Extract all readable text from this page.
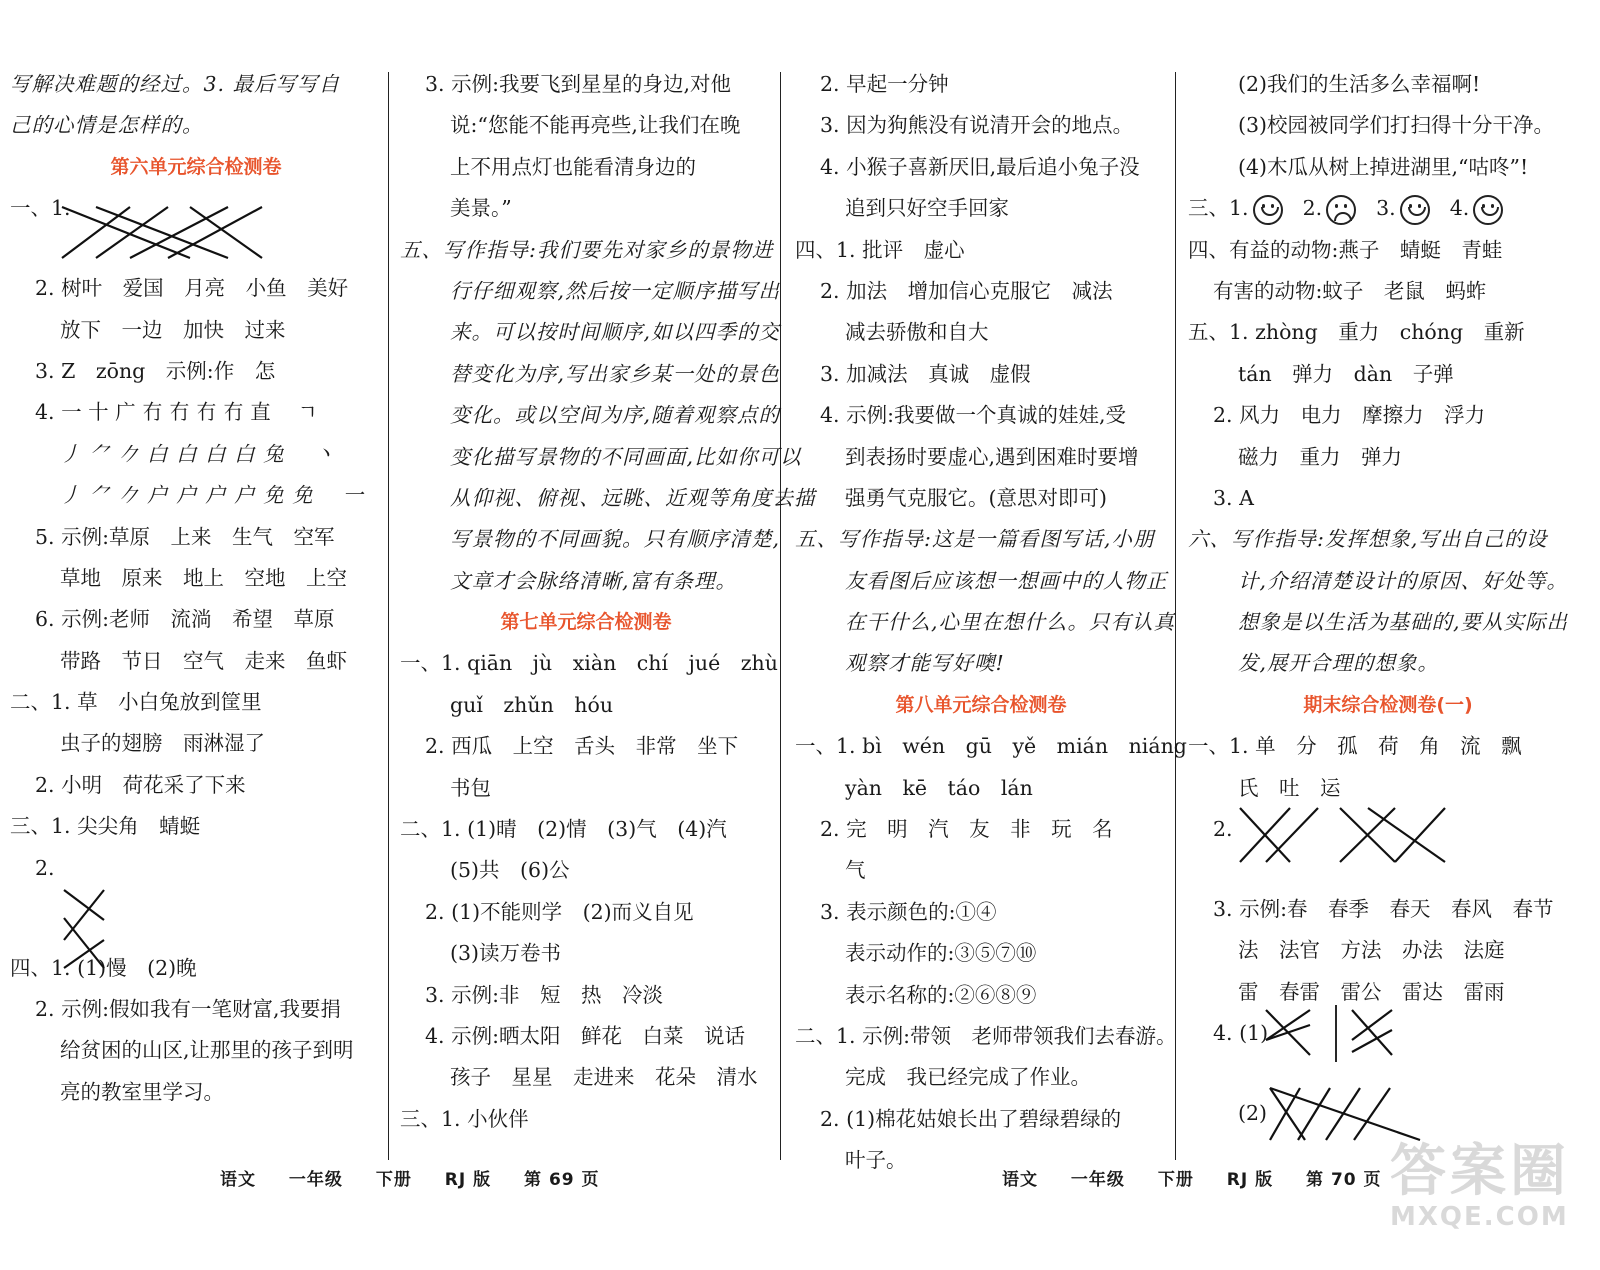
写解决难题的经过。3. 最后写写自
己的心情是怎样的。
第六单元综合检测卷
一、1.
2. 树叶　爱国　月亮　小鱼　美好
放下　一边　加快　过来
3. Z　zōng　示例:作　怎
4. 一 十 广 冇 冇 冇 冇 直　 ㄱ
丿 ⺈ 𠂊 白 白 白 白 兔　 丶
丿 ⺈ 𠂊 户 户 户 户 免 免　 一
5. 示例:草原　上来　生气　空军
草地　原来　地上　空地　上空
6. 示例:老师　流淌　希望　草原
带路　节日　空气　走来　鱼虾
二、1. 草　小白兔放到筐里
虫子的翅膀　雨淋湿了
2. 小明　荷花采了下来
三、1. 尖尖角　蜻蜓
2.
四、1. (1)慢　(2)晚
2. 示例:假如我有一笔财富,我要捐
给贫困的山区,让那里的孩子到明
亮的教室里学习。
3. 示例:我要飞到星星的身边,对他
说:“您能不能再亮些,让我们在晚
上不用点灯也能看清身边的
美景。”
五、写作指导:我们要先对家乡的景物进
行仔细观察,然后按一定顺序描写出
来。可以按时间顺序,如以四季的交
替变化为序,写出家乡某一处的景色
变化。或以空间为序,随着观察点的
变化描写景物的不同画面,比如你可以
从仰视、俯视、远眺、近观等角度去描
写景物的不同画貌。只有顺序清楚,
文章才会脉络清晰,富有条理。
第七单元综合检测卷
一、1. qiān　jù　xiàn　chí　jué　zhù
guǐ　zhǔn　hóu
2. 西瓜　上空　舌头　非常　坐下
书包
二、1. (1)晴　(2)情　(3)气　(4)汽
(5)共　(6)公
2. (1)不能则学　(2)而义自见
(3)读万卷书
3. 示例:非　短　热　冷淡
4. 示例:晒太阳　鲜花　白菜　说话
孩子　星星　走进来　花朵　清水
三、1. 小伙伴
2. 早起一分钟
3. 因为狗熊没有说清开会的地点。
4. 小猴子喜新厌旧,最后追小兔子没
追到只好空手回家
四、1. 批评　虚心
2. 加法　增加信心克服它　减法
减去骄傲和自大
3. 加减法　真诚　虚假
4. 示例:我要做一个真诚的娃娃,受
到表扬时要虚心,遇到困难时要增
强勇气克服它。(意思对即可)
五、写作指导:这是一篇看图写话,小朋
友看图后应该想一想画中的人物正
在干什么,心里在想什么。只有认真
观察才能写好噢!
第八单元综合检测卷
一、1. bì　wén　gū　yě　mián　niáng
yàn　kē　táo　lán
2. 完　明　汽　友　非　玩　名
气
3. 表示颜色的:①④
表示动作的:③⑤⑦⑩
表示名称的:②⑥⑧⑨
二、1. 示例:带领　老师带领我们去春游。
完成　我已经完成了作业。
2. (1)棉花姑娘长出了碧绿碧绿的
叶子。
(2)我们的生活多么幸福啊!
(3)校园被同学们打扫得十分干净。
(4)木瓜从树上掉进湖里,“咕咚”!
三、1.	2.	3.	4.
四、有益的动物:燕子　蜻蜓　青蛙
有害的动物:蚊子　老鼠　蚂蚱
五、1. zhòng　重力　chóng　重新
tán　弹力　dàn　子弹
2. 风力　电力　摩擦力　浮力
磁力　重力　弹力
3. A
六、写作指导:发挥想象,写出自己的设
计,介绍清楚设计的原因、好处等。
想象是以生活为基础的,要从实际出
发,展开合理的想象。
期末综合检测卷(一)
一、1. 单　分　孤　荷　角　流　飘
氏　吐　运
2.
3. 示例:春　春季　春天　春风　春节
法　法官　方法　办法　法庭
雷　春雷　雷公　雷达　雷雨
4. (1)
(2)
语文 一年级 下册 RJ 版 第 69 页	语文 一年级 下册 RJ 版 第 70 页 答案圈
MXQE.COM
